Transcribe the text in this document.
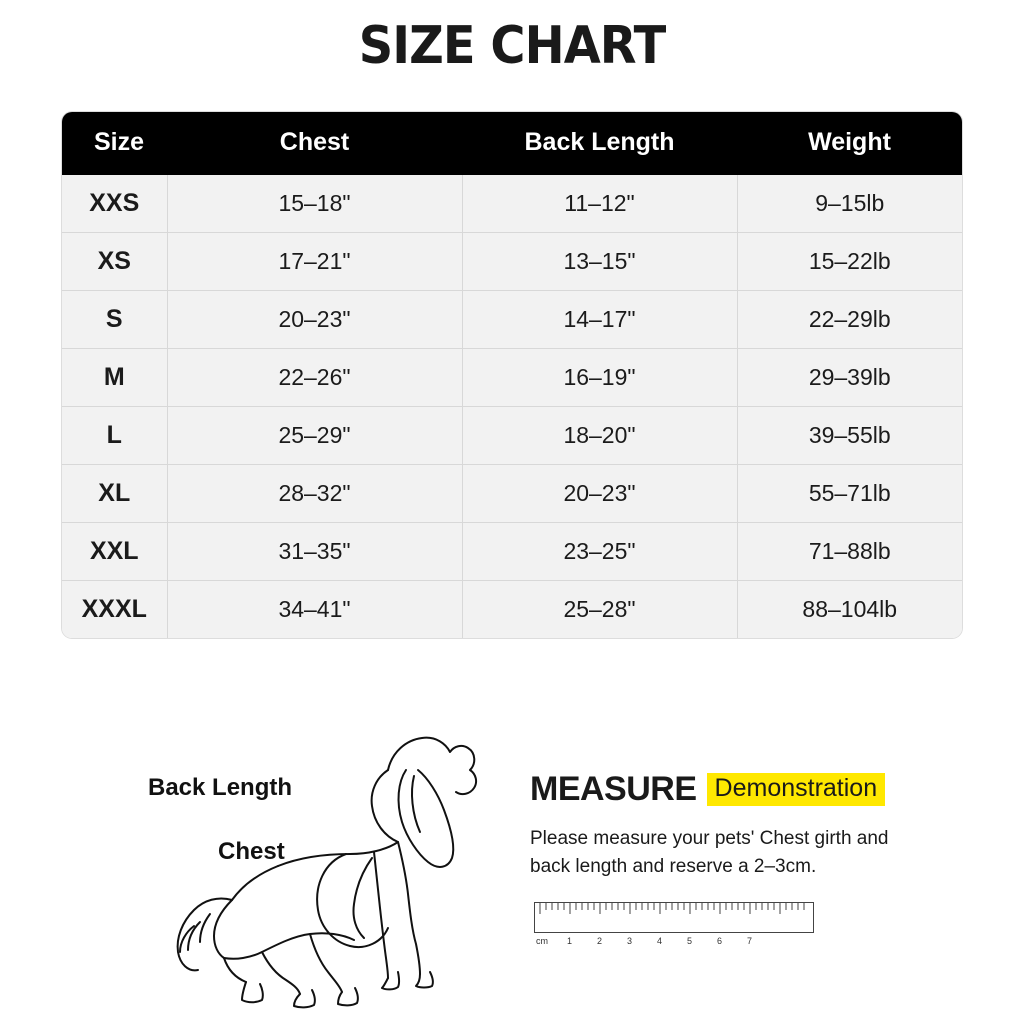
SIZE CHART
Size	Chest	Back Length	Weight
XXS	15–18"	11–12"	9–15lb
XS	17–21"	13–15"	15–22lb
S	20–23"	14–17"	22–29lb
M	22–26"	16–19"	29–39lb
L	25–29"	18–20"	39–55lb
XL	28–32"	20–23"	55–71lb
XXL	31–35"	23–25"	71–88lb
XXXL	34–41"	25–28"	88–104lb
Back Length
Chest
MEASURE Demonstration
Please measure your pets' Chest girth and back length and reserve a 2–3cm.
cm 1	2	3	4	5	6	7
